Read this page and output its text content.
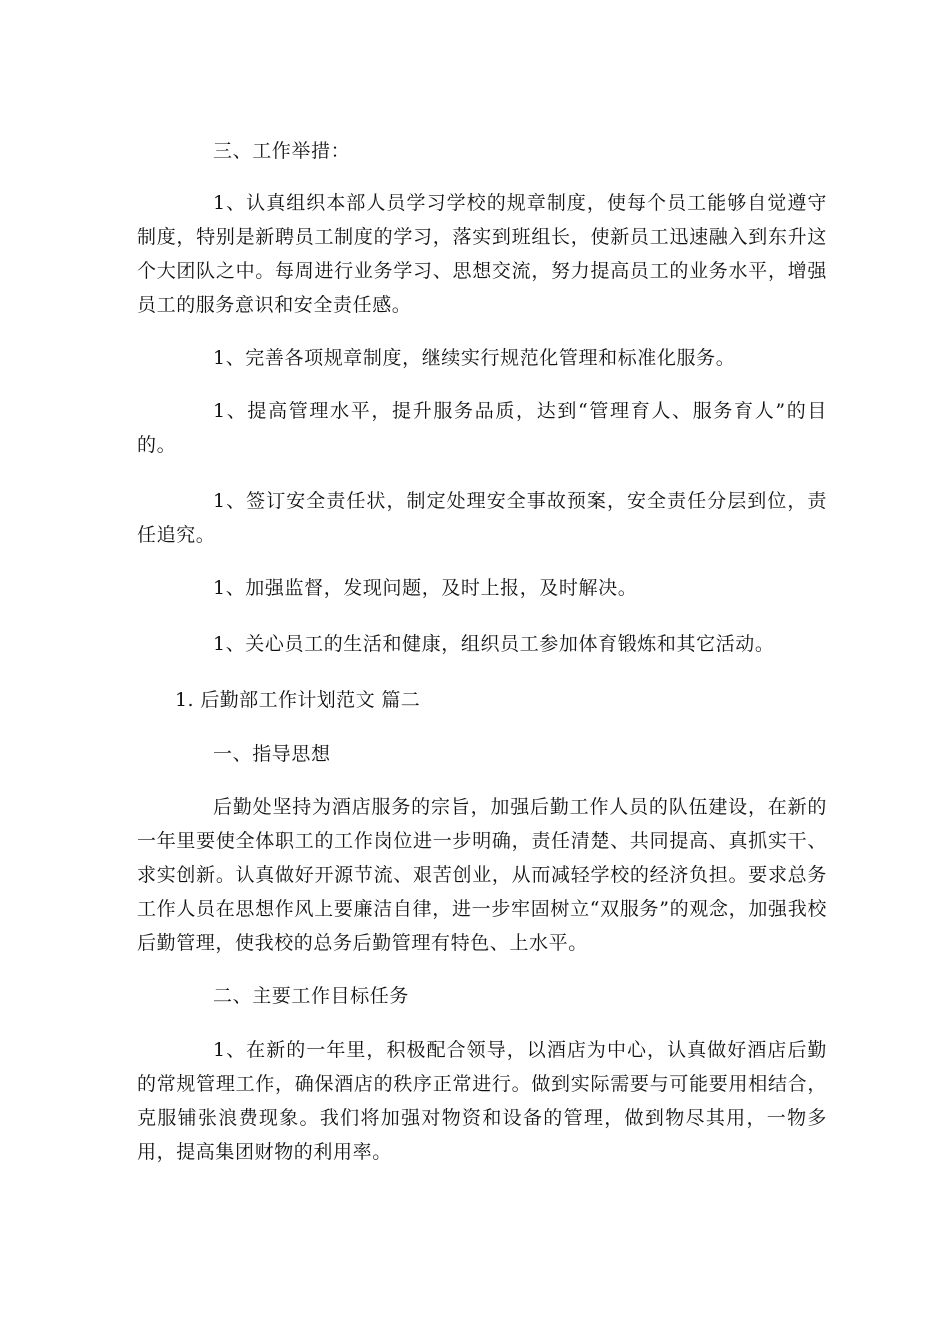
三、工作举措：

1、认真组织本部人员学习学校的规章制度，使每个员工能够自觉遵守制度，特别是新聘员工制度的学习，落实到班组长，使新员工迅速融入到东升这个大团队之中。每周进行业务学习、思想交流，努力提高员工的业务水平，增强员工的服务意识和安全责任感。

1、完善各项规章制度，继续实行规范化管理和标准化服务。

1、提高管理水平，提升服务品质，达到“管理育人、服务育人”的目的。

1、签订安全责任状，制定处理安全事故预案，安全责任分层到位，责任追究。

1、加强监督，发现问题，及时上报，及时解决。

1、关心员工的生活和健康，组织员工参加体育锻炼和其它活动。

1. 后勤部工作计划范文 篇二

一、指导思想

后勤处坚持为酒店服务的宗旨，加强后勤工作人员的队伍建设，在新的一年里要使全体职工的工作岗位进一步明确，责任清楚、共同提高、真抓实干、求实创新。认真做好开源节流、艰苦创业，从而减轻学校的经济负担。要求总务工作人员在思想作风上要廉洁自律，进一步牢固树立“双服务”的观念，加强我校后勤管理，使我校的总务后勤管理有特色、上水平。

二、主要工作目标任务

1、在新的一年里，积极配合领导，以酒店为中心，认真做好酒店后勤的常规管理工作，确保酒店的秩序正常进行。做到实际需要与可能要用相结合，克服铺张浪费现象。我们将加强对物资和设备的管理，做到物尽其用，一物多用，提高集团财物的利用率。
